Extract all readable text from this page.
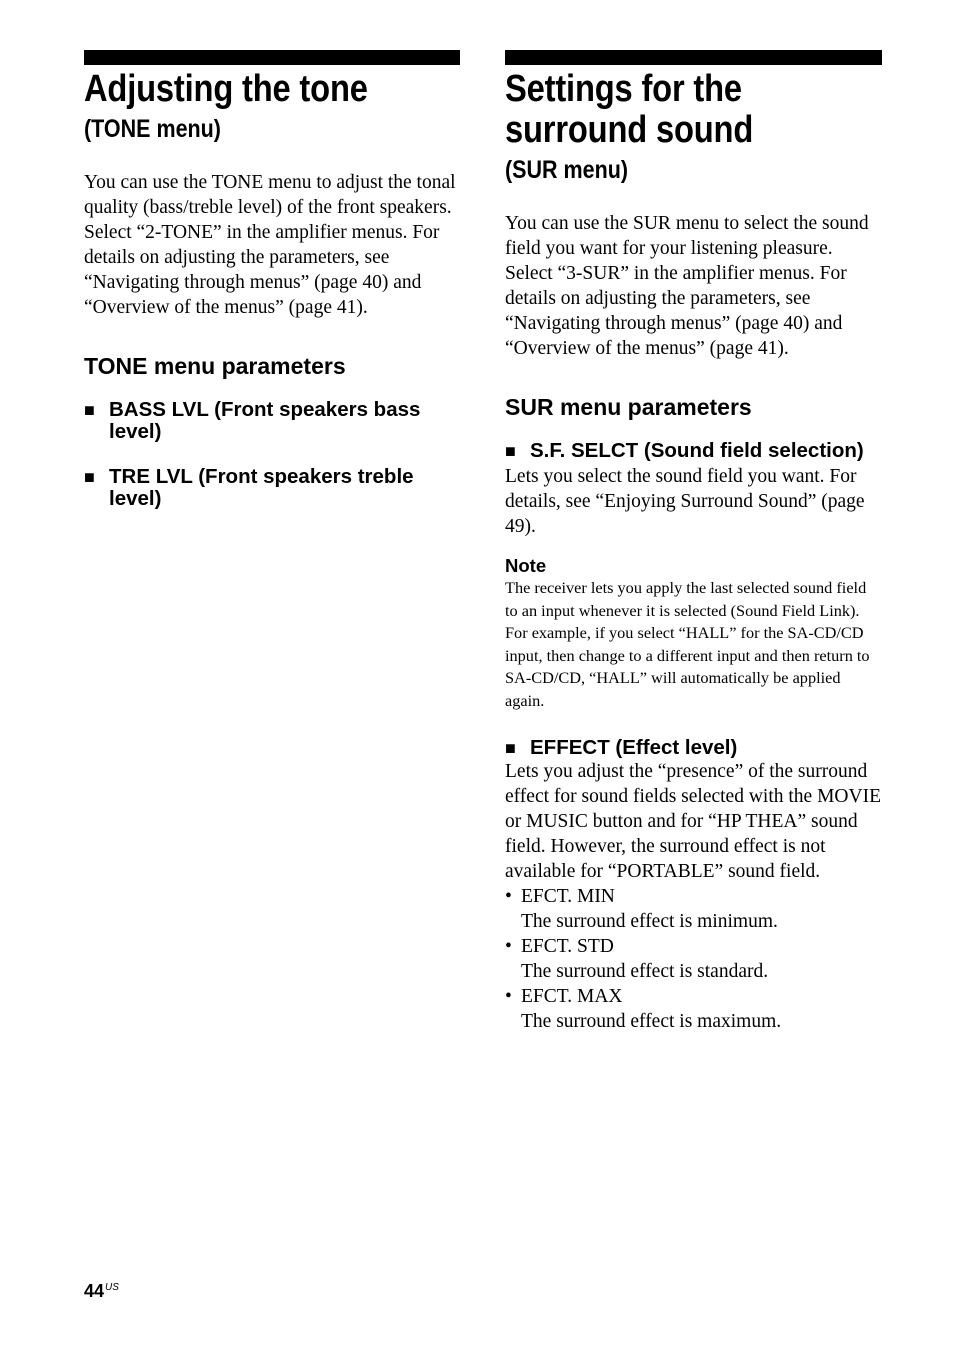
Adjusting the tone
(TONE menu)

You can use the TONE menu to adjust the tonal quality (bass/treble level) of the front speakers.

Select “2-TONE” in the amplifier menus. For details on adjusting the parameters, see “Navigating through menus” (page 40) and “Overview of the menus” (page 41).

TONE menu parameters
■ BASS LVL (Front speakers bass level)
■ TRE LVL (Front speakers treble level)
Settings for the surround sound
(SUR menu)

You can use the SUR menu to select the sound field you want for your listening pleasure.

Select “3-SUR” in the amplifier menus. For details on adjusting the parameters, see “Navigating through menus” (page 40) and “Overview of the menus” (page 41).

SUR menu parameters
■ S.F. SELCT (Sound field selection)
Lets you select the sound field you want. For details, see “Enjoying Surround Sound” (page 49).
Note
The receiver lets you apply the last selected sound field to an input whenever it is selected (Sound Field Link). For example, if you select “HALL” for the SA-CD/CD input, then change to a different input and then return to SA-CD/CD, “HALL” will automatically be applied again.
■ EFFECT (Effect level)
Lets you adjust the “presence” of the surround effect for sound fields selected with the MOVIE or MUSIC button and for “HP THEA” sound field. However, the surround effect is not available for “PORTABLE” sound field.
• EFCT. MIN
The surround effect is minimum.
• EFCT. STD
The surround effect is standard.
• EFCT. MAX
The surround effect is maximum.
$44^{US}$
